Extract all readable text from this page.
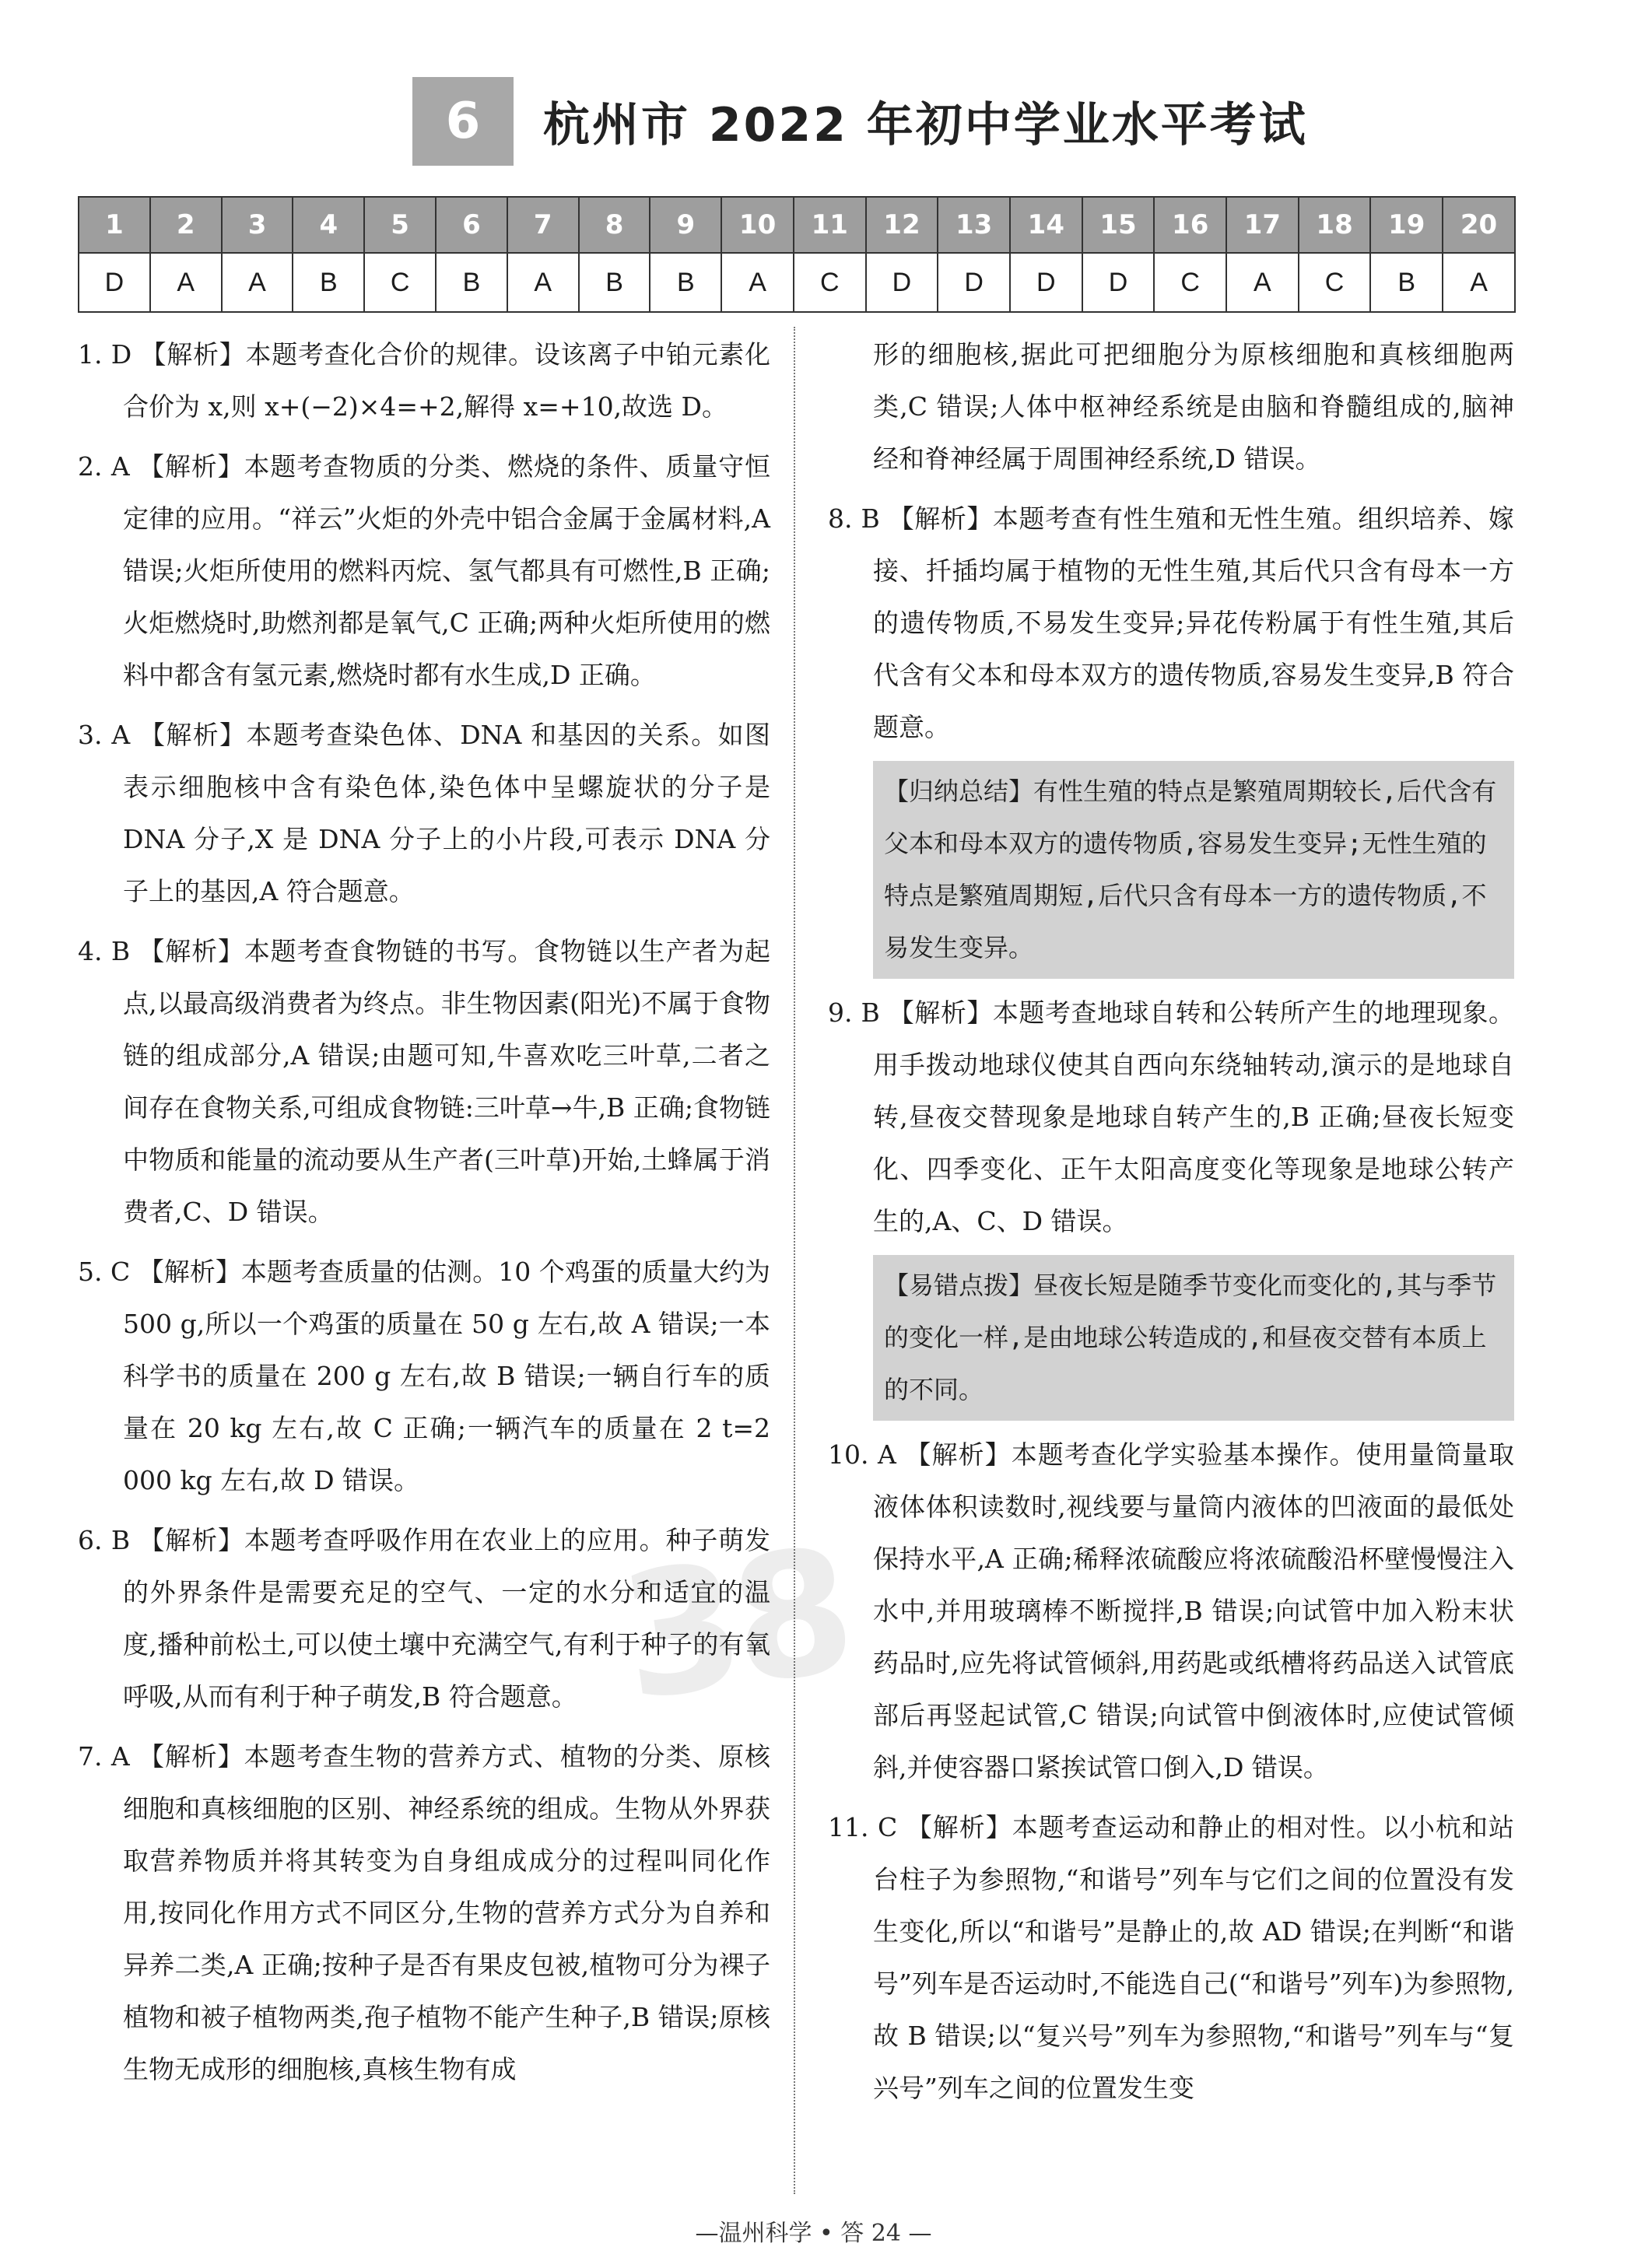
6	杭州市 2022 年初中学业水平考试
1	2	3	4	5	6	7	8	9	10	11	12	13	14	15	16	17	18	19	20
D	A	A	B	C	B	A	B	B	A	C	D	D	D	D	C	A	C	B	A

1. D 【解析】本题考查化合价的规律。设该离子中铂元素化合价为 x,则 x+(−2)×4=+2,解得 x=+10,故选 D。

2. A 【解析】本题考查物质的分类、燃烧的条件、质量守恒定律的应用。“祥云”火炬的外壳中铝合金属于金属材料,A 错误;火炬所使用的燃料丙烷、氢气都具有可燃性,B 正确;火炬燃烧时,助燃剂都是氧气,C 正确;两种火炬所使用的燃料中都含有氢元素,燃烧时都有水生成,D 正确。

3. A 【解析】本题考查染色体、DNA 和基因的关系。如图表示细胞核中含有染色体,染色体中呈螺旋状的分子是 DNA 分子,X 是 DNA 分子上的小片段,可表示 DNA 分子上的基因,A 符合题意。

4. B 【解析】本题考查食物链的书写。食物链以生产者为起点,以最高级消费者为终点。非生物因素(阳光)不属于食物链的组成部分,A 错误;由题可知,牛喜欢吃三叶草,二者之间存在食物关系,可组成食物链:三叶草→牛,B 正确;食物链中物质和能量的流动要从生产者(三叶草)开始,土蜂属于消费者,C、D 错误。

5. C 【解析】本题考查质量的估测。10 个鸡蛋的质量大约为 500 g,所以一个鸡蛋的质量在 50 g 左右,故 A 错误;一本科学书的质量在 200 g 左右,故 B 错误;一辆自行车的质量在 20 kg 左右,故 C 正确;一辆汽车的质量在 2 t=2 000 kg 左右,故 D 错误。

6. B 【解析】本题考查呼吸作用在农业上的应用。种子萌发的外界条件是需要充足的空气、一定的水分和适宜的温度,播种前松土,可以使土壤中充满空气,有利于种子的有氧呼吸,从而有利于种子萌发,B 符合题意。

7. A 【解析】本题考查生物的营养方式、植物的分类、原核细胞和真核细胞的区别、神经系统的组成。生物从外界获取营养物质并将其转变为自身组成成分的过程叫同化作用,按同化作用方式不同区分,生物的营养方式分为自养和异养二类,A 正确;按种子是否有果皮包被,植物可分为裸子植物和被子植物两类,孢子植物不能产生种子,B 错误;原核生物无成形的细胞核,真核生物有成

形的细胞核,据此可把细胞分为原核细胞和真核细胞两类,C 错误;人体中枢神经系统是由脑和脊髓组成的,脑神经和脊神经属于周围神经系统,D 错误。

8. B 【解析】本题考查有性生殖和无性生殖。组织培养、嫁接、扦插均属于植物的无性生殖,其后代只含有母本一方的遗传物质,不易发生变异;异花传粉属于有性生殖,其后代含有父本和母本双方的遗传物质,容易发生变异,B 符合题意。

【归纳总结】有性生殖的特点是繁殖周期较长,后代含有父本和母本双方的遗传物质,容易发生变异;无性生殖的特点是繁殖周期短,后代只含有母本一方的遗传物质,不易发生变异。

9. B 【解析】本题考查地球自转和公转所产生的地理现象。用手拨动地球仪使其自西向东绕轴转动,演示的是地球自转,昼夜交替现象是地球自转产生的,B 正确;昼夜长短变化、四季变化、正午太阳高度变化等现象是地球公转产生的,A、C、D 错误。

【易错点拨】昼夜长短是随季节变化而变化的,其与季节的变化一样,是由地球公转造成的,和昼夜交替有本质上的不同。

10. A 【解析】本题考查化学实验基本操作。使用量筒量取液体体积读数时,视线要与量筒内液体的凹液面的最低处保持水平,A 正确;稀释浓硫酸应将浓硫酸沿杯壁慢慢注入水中,并用玻璃棒不断搅拌,B 错误;向试管中加入粉末状药品时,应先将试管倾斜,用药匙或纸槽将药品送入试管底部后再竖起试管,C 错误;向试管中倒液体时,应使试管倾斜,并使容器口紧挨试管口倒入,D 错误。

11. C 【解析】本题考查运动和静止的相对性。以小杭和站台柱子为参照物,“和谐号”列车与它们之间的位置没有发生变化,所以“和谐号”是静止的,故 AD 错误;在判断“和谐号”列车是否运动时,不能选自己(“和谐号”列车)为参照物,故 B 错误;以“复兴号”列车为参照物,“和谐号”列车与“复兴号”列车之间的位置发生变

38
—温州科学 • 答 24 —
